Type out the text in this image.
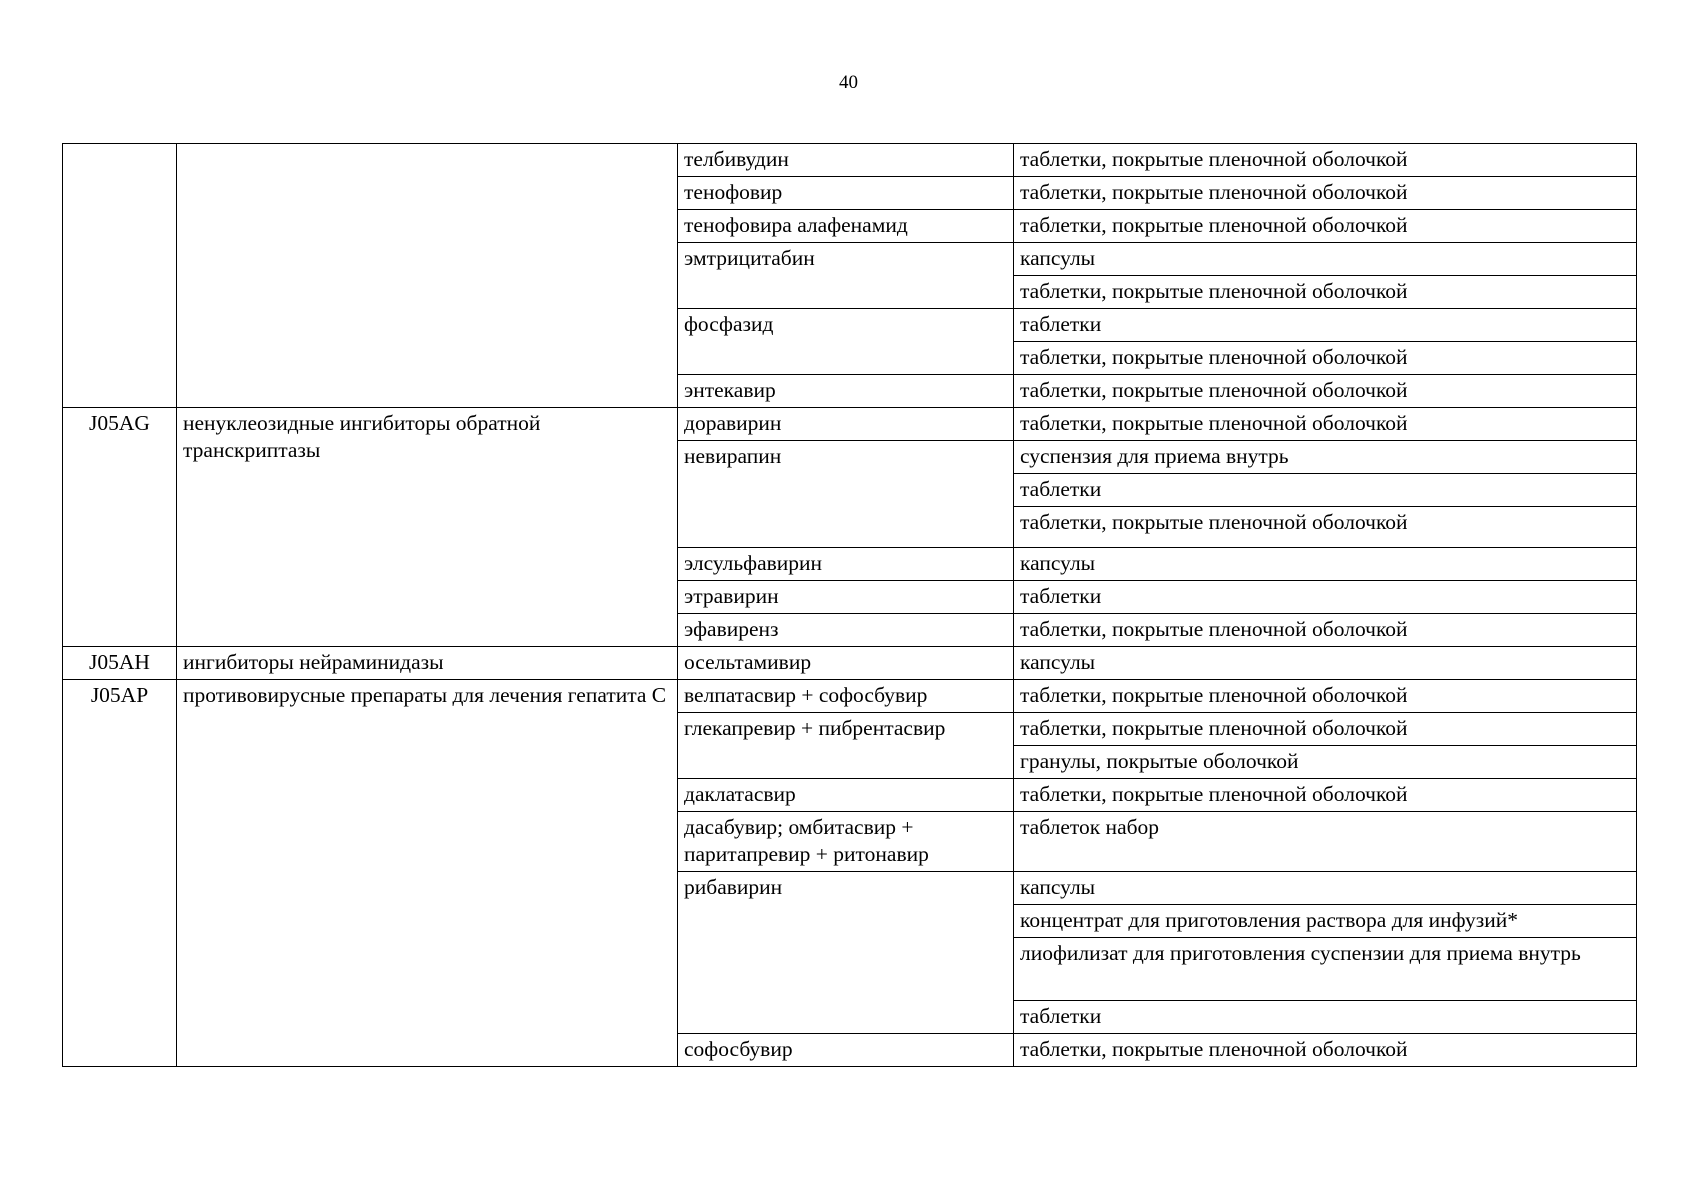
40
		телбивудин	таблетки, покрытые пленочной оболочкой
		тенофовир	таблетки, покрытые пленочной оболочкой
		тенофовира алафенамид	таблетки, покрытые пленочной оболочкой
		эмтрицитабин	капсулы
			таблетки, покрытые пленочной оболочкой
		фосфазид	таблетки
			таблетки, покрытые пленочной оболочкой
		энтекавир	таблетки, покрытые пленочной оболочкой
J05AG	ненуклеозидные ингибиторы обратной транскриптазы	доравирин	таблетки, покрытые пленочной оболочкой
		невирапин	суспензия для приема внутрь
			таблетки
			таблетки, покрытые пленочной оболочкой
		элсульфавирин	капсулы
		этравирин	таблетки
		эфавиренз	таблетки, покрытые пленочной оболочкой
J05AH	ингибиторы нейраминидазы	осельтамивир	капсулы
J05AP	противовирусные препараты для лечения гепатита С	велпатасвир + софосбувир	таблетки, покрытые пленочной оболочкой
		глекапревир + пибрентасвир	таблетки, покрытые пленочной оболочкой
			гранулы, покрытые оболочкой
		даклатасвир	таблетки, покрытые пленочной оболочкой
		дасабувир; омбитасвир + паритапревир + ритонавир	таблеток набор
		рибавирин	капсулы
			концентрат для приготовления раствора для инфузий*
			лиофилизат для приготовления суспензии для приема внутрь
			таблетки
		софосбувир	таблетки, покрытые пленочной оболочкой
